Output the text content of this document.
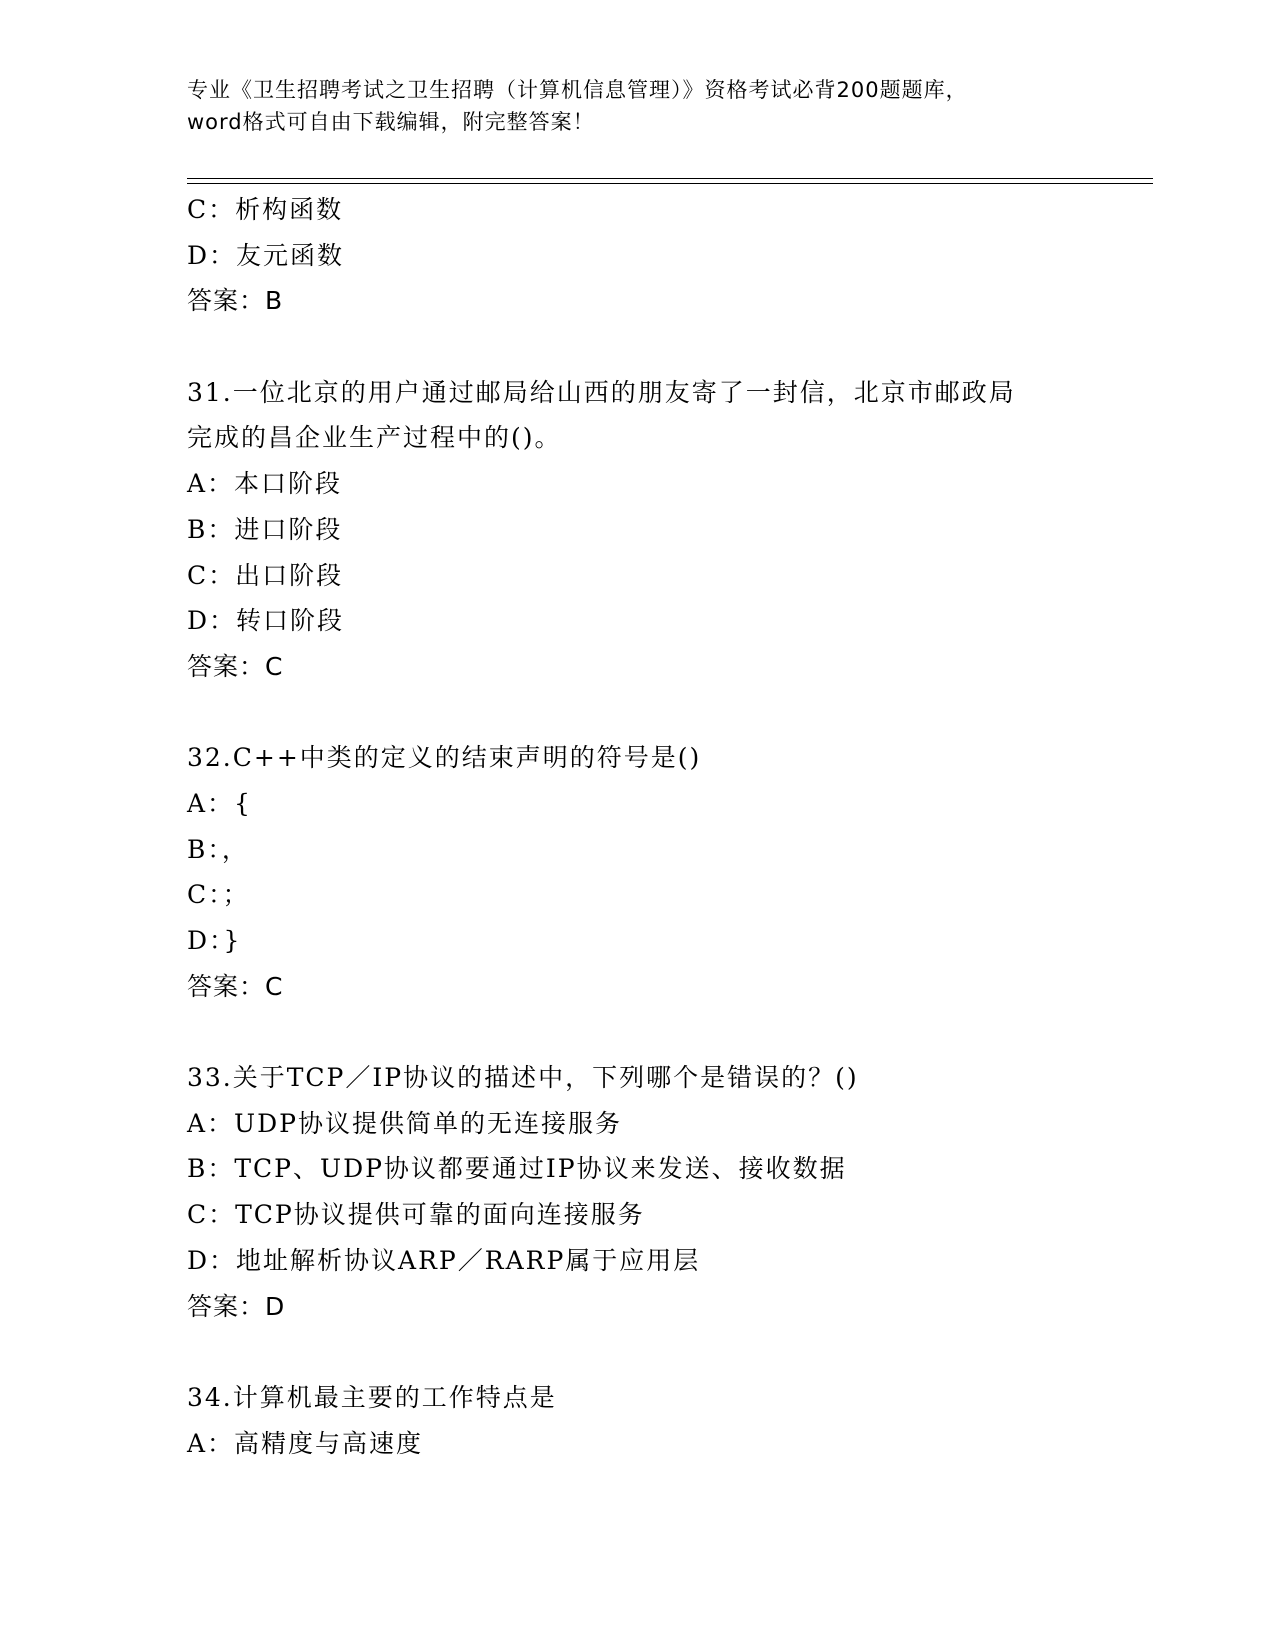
专业《卫生招聘考试之卫生招聘（计算机信息管理）》资格考试必背200题题库，
word格式可自由下载编辑，附完整答案！
C：析构函数
D：友元函数
答案：B
31.一位北京的用户通过邮局给山西的朋友寄了一封信，北京市邮政局
完成的昌企业生产过程中的()。
A：本口阶段
B：进口阶段
C：出口阶段
D：转口阶段
答案：C
32.C++中类的定义的结束声明的符号是()
A：{
B：，
C：；
D：}
答案：C
33.关于TCP／IP协议的描述中，下列哪个是错误的？()
A：UDP协议提供简单的无连接服务
B：TCP、UDP协议都要通过IP协议来发送、接收数据
C：TCP协议提供可靠的面向连接服务
D：地址解析协议ARP／RARP属于应用层
答案：D
34.计算机最主要的工作特点是
A：高精度与高速度
